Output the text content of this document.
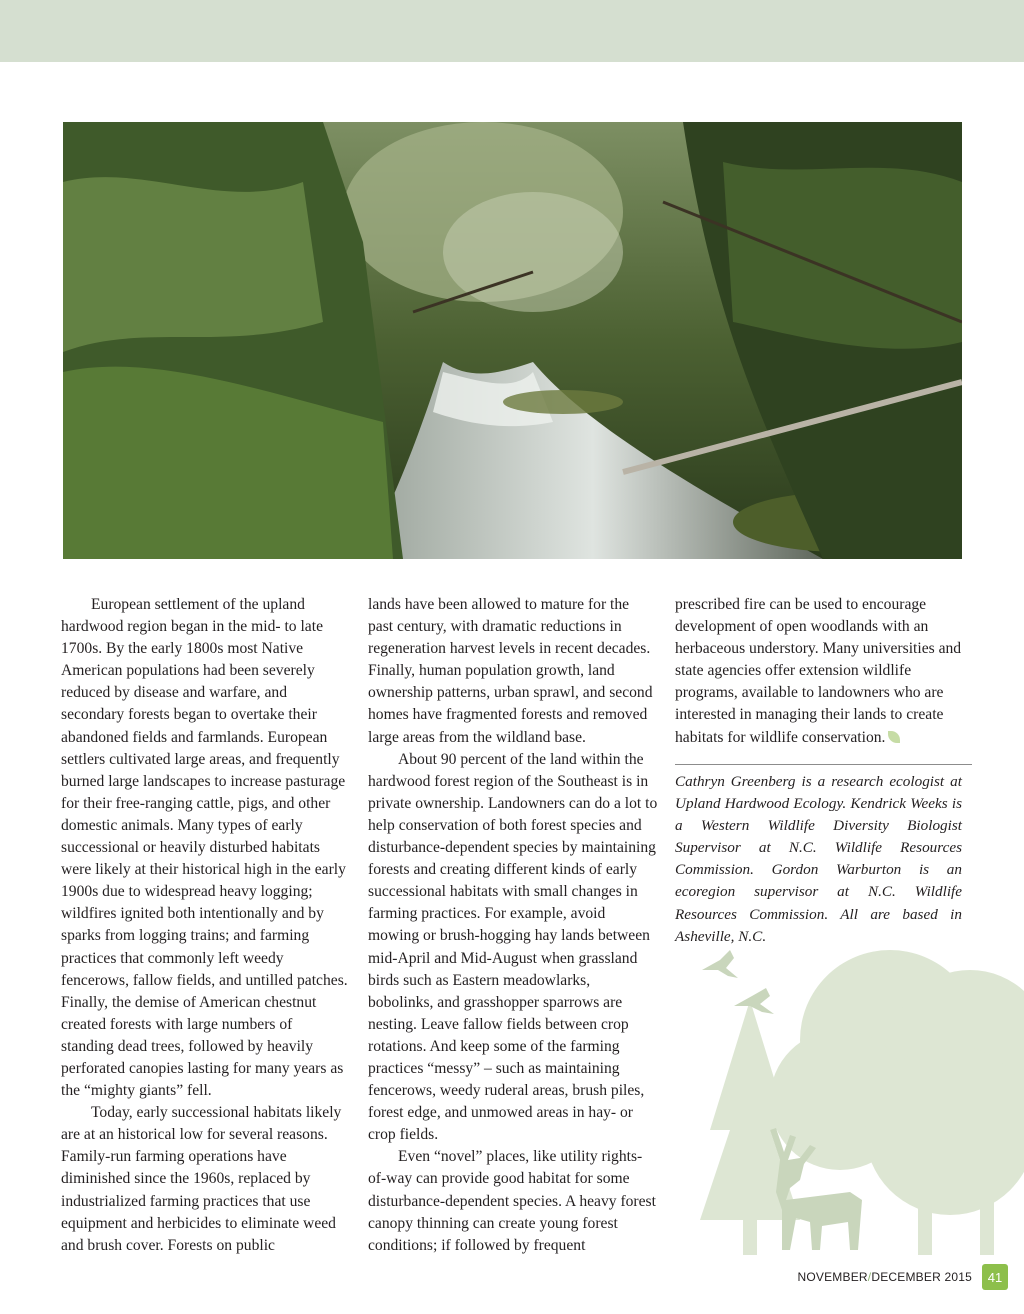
European settlement of the upland hardwood region began in the mid- to late 1700s. By the early 1800s most Native American populations had been severely reduced by disease and warfare, and secondary forests began to overtake their abandoned fields and farmlands. European settlers cultivated large areas, and frequently burned large landscapes to increase pasturage for their free-ranging cattle, pigs, and other domestic animals. Many types of early successional or heavily disturbed habitats were likely at their historical high in the early 1900s due to widespread heavy logging; wildfires ignited both intentionally and by sparks from logging trains; and farming practices that commonly left weedy fencerows, fallow fields, and untilled patches. Finally, the demise of American chestnut created forests with large numbers of standing dead trees, followed by heavily perforated canopies lasting for many years as the “mighty giants” fell.

Today, early successional habitats likely are at an historical low for several reasons. Family-run farming operations have diminished since the 1960s, replaced by industrialized farming practices that use equipment and herbicides to eliminate weed and brush cover. Forests on public

lands have been allowed to mature for the past century, with dramatic reductions in regeneration harvest levels in recent decades. Finally, human population growth, land ownership patterns, urban sprawl, and second homes have fragmented forests and removed large areas from the wildland base.

About 90 percent of the land within the hardwood forest region of the Southeast is in private ownership. Landowners can do a lot to help conservation of both forest species and disturbance-dependent species by maintaining forests and creating different kinds of early successional habitats with small changes in farming practices. For example, avoid mowing or brush-hogging hay lands between mid-April and Mid-August when grassland birds such as Eastern meadowlarks, bobolinks, and grasshopper sparrows are nesting. Leave fallow fields between crop rotations. And keep some of the farming practices “messy” – such as maintaining fencerows, weedy ruderal areas, brush piles, forest edge, and unmowed areas in hay- or crop fields.

Even “novel” places, like utility rights-of-way can provide good habitat for some disturbance-dependent species. A heavy forest canopy thinning can create young forest conditions; if followed by frequent

prescribed fire can be used to encourage development of open woodlands with an herbaceous understory. Many universities and state agencies offer extension wildlife programs, available to landowners who are interested in managing their lands to create habitats for wildlife conservation.

Cathryn Greenberg is a research ecologist at Upland Hardwood Ecology. Kendrick Weeks is a Western Wildlife Diversity Biologist Supervisor at N.C. Wildlife Resources Commission. Gordon Warburton is an ecoregion supervisor at N.C. Wildlife Resources Commission. All are based in Asheville, N.C.

NOVEMBER/DECEMBER 2015	41
